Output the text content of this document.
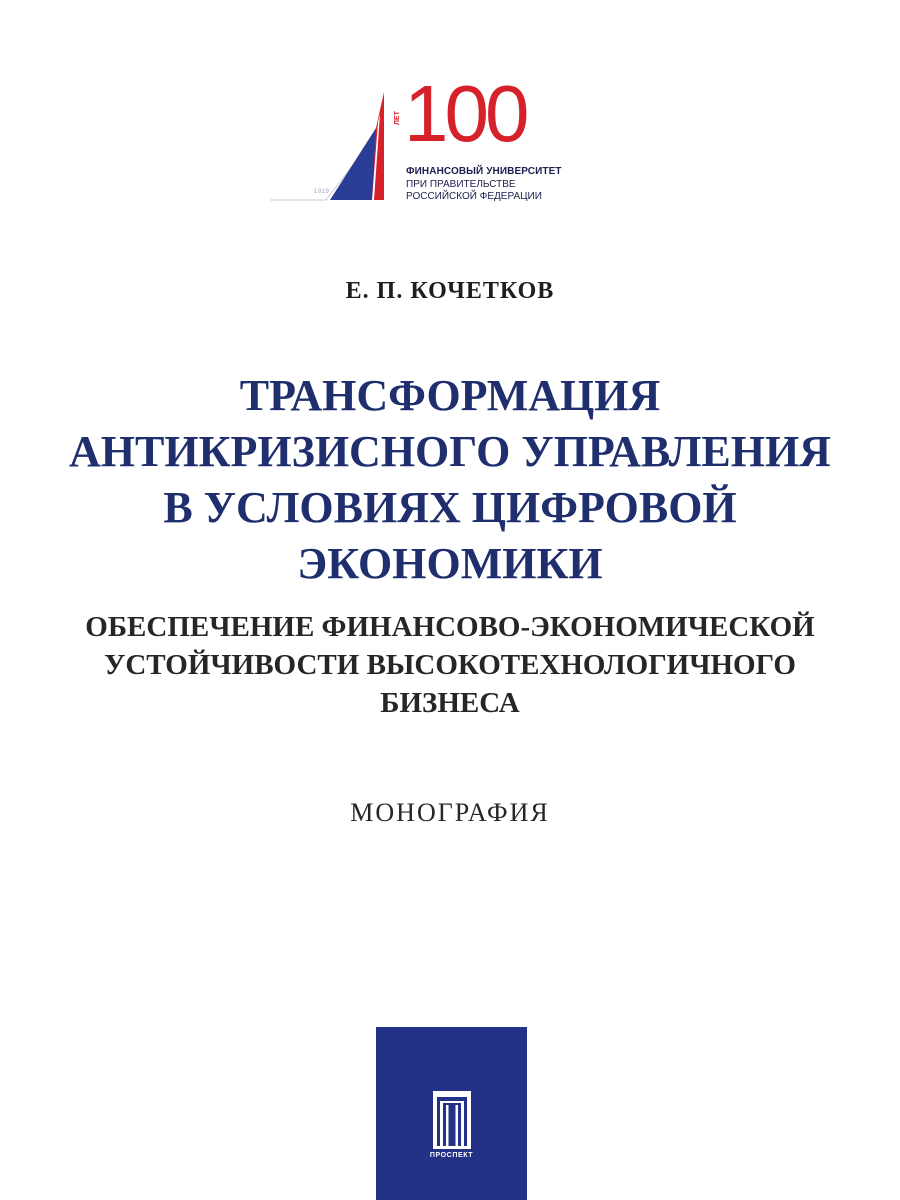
1919
ЛЕТ 100
ФИНАНСОВЫЙ УНИВЕРСИТЕТ
ПРИ ПРАВИТЕЛЬСТВЕ
РОССИЙСКОЙ ФЕДЕРАЦИИ
Е. П. КОЧЕТКОВ
ТРАНСФОРМАЦИЯ
АНТИКРИЗИСНОГО УПРАВЛЕНИЯ
В УСЛОВИЯХ ЦИФРОВОЙ
ЭКОНОМИКИ
ОБЕСПЕЧЕНИЕ ФИНАНСОВО-ЭКОНОМИЧЕСКОЙ
УСТОЙЧИВОСТИ ВЫСОКОТЕХНОЛОГИЧНОГО
БИЗНЕСА
МОНОГРАФИЯ
ПРОСПЕКТ
